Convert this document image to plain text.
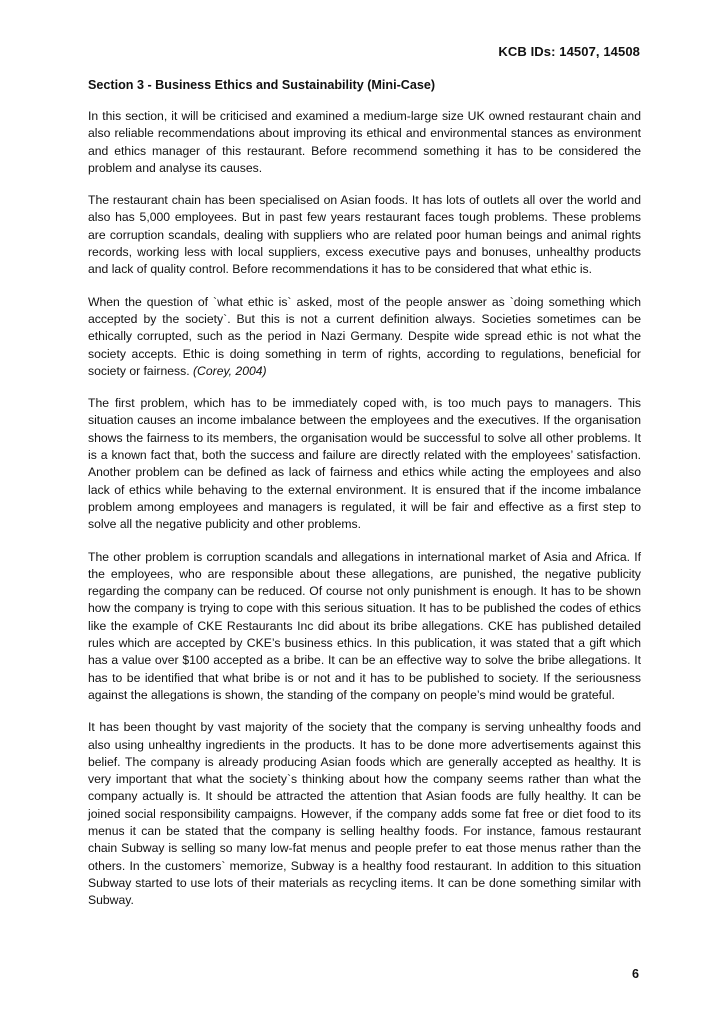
KCB IDs: 14507, 14508
Section 3 - Business Ethics and Sustainability (Mini-Case)

In this section, it will be criticised and examined a medium-large size UK owned restaurant chain and also reliable recommendations about improving its ethical and environmental stances as environment and ethics manager of this restaurant. Before recommend something it has to be considered the problem and analyse its causes.

The restaurant chain has been specialised on Asian foods. It has lots of outlets all over the world and also has 5,000 employees. But in past few years restaurant faces tough problems. These problems are corruption scandals, dealing with suppliers who are related poor human beings and animal rights records, working less with local suppliers, excess executive pays and bonuses, unhealthy products and lack of quality control. Before recommendations it has to be considered that what ethic is.

When the question of `what ethic is` asked, most of the people answer as `doing something which accepted by the society`. But this is not a current definition always. Societies sometimes can be ethically corrupted, such as the period in Nazi Germany. Despite wide spread ethic is not what the society accepts. Ethic is doing something in term of rights, according to regulations, beneficial for society or fairness. (Corey, 2004)

The first problem, which has to be immediately coped with, is too much pays to managers. This situation causes an income imbalance between the employees and the executives. If the organisation shows the fairness to its members, the organisation would be successful to solve all other problems. It is a known fact that, both the success and failure are directly related with the employees’ satisfaction. Another problem can be defined as lack of fairness and ethics while acting the employees and also lack of ethics while behaving to the external environment. It is ensured that if the income imbalance problem among employees and managers is regulated, it will be fair and effective as a first step to solve all the negative publicity and other problems.

The other problem is corruption scandals and allegations in international market of Asia and Africa. If the employees, who are responsible about these allegations, are punished, the negative publicity regarding the company can be reduced. Of course not only punishment is enough. It has to be shown how the company is trying to cope with this serious situation. It has to be published the codes of ethics like the example of CKE Restaurants Inc did about its bribe allegations. CKE has published detailed rules which are accepted by CKE’s business ethics. In this publication, it was stated that a gift which has a value over $100 accepted as a bribe. It can be an effective way to solve the bribe allegations. It has to be identified that what bribe is or not and it has to be published to society. If the seriousness against the allegations is shown, the standing of the company on people’s mind would be grateful.

It has been thought by vast majority of the society that the company is serving unhealthy foods and also using unhealthy ingredients in the products. It has to be done more advertisements against this belief. The company is already producing Asian foods which are generally accepted as healthy. It is very important that what the society`s thinking about how the company seems rather than what the company actually is. It should be attracted the attention that Asian foods are fully healthy. It can be joined social responsibility campaigns. However, if the company adds some fat free or diet food to its menus it can be stated that the company is selling healthy foods. For instance, famous restaurant chain Subway is selling so many low-fat menus and people prefer to eat those menus rather than the others. In the customers` memorize, Subway is a healthy food restaurant. In addition to this situation Subway started to use lots of their materials as recycling items. It can be done something similar with Subway.

6
